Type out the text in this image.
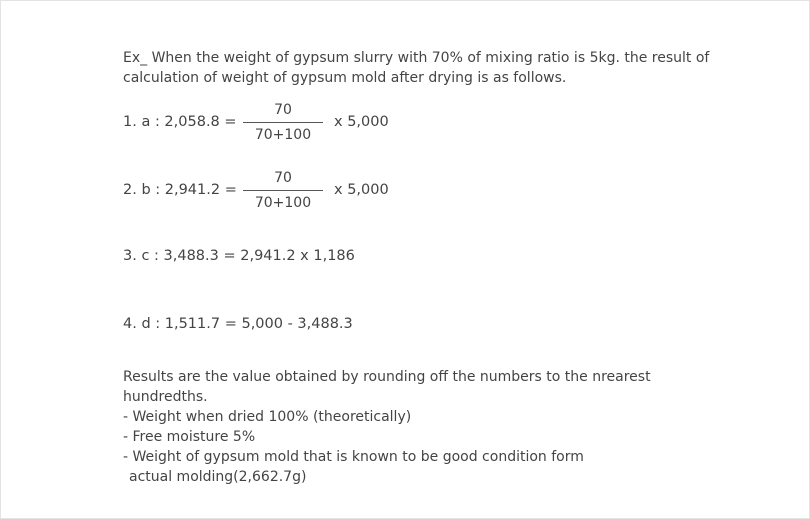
Ex_ When the weight of gypsum slurry with 70% of mixing ratio is 5kg. the result of
calculation of weight of gypsum mold after drying is as follows.
1. a : 2,058.8 =
70
70+100
x 5,000
2. b : 2,941.2 =
70
70+100
x 5,000
3. c : 3,488.3 = 2,941.2 x 1,186
4. d : 1,511.7 = 5,000 - 3,488.3
Results are the value obtained by rounding off the numbers to the nrearest
hundredths.
- Weight when dried 100% (theoretically)
- Free moisture 5%
- Weight of gypsum mold that is known to be good condition form
actual molding(2,662.7g)
